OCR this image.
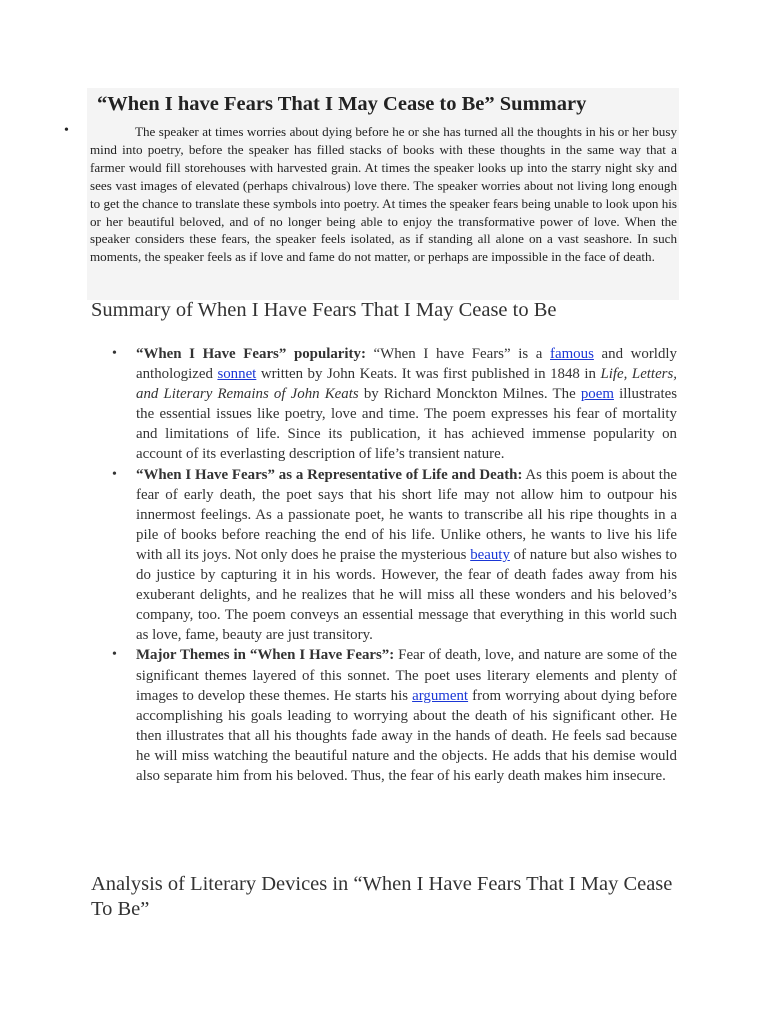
“When I have Fears That I May Cease to Be” Summary
•	The speaker at times worries about dying before he or she has turned all the thoughts in his or her busy mind into poetry, before the speaker has filled stacks of books with these thoughts in the same way that a farmer would fill storehouses with harvested grain. At times the speaker looks up into the starry night sky and sees vast images of elevated (perhaps chivalrous) love there. The speaker worries about not living long enough to get the chance to translate these symbols into poetry. At times the speaker fears being unable to look upon his or her beautiful beloved, and of no longer being able to enjoy the transformative power of love. When the speaker considers these fears, the speaker feels isolated, as if standing all alone on a vast seashore. In such moments, the speaker feels as if love and fame do not matter, or perhaps are impossible in the face of death.

Summary of When I Have Fears That I May Cease to Be
• “When I Have Fears” popularity: “When I have Fears” is a famous and worldly anthologized sonnet written by John Keats. It was first published in 1848 in Life, Letters, and Literary Remains of John Keats by Richard Monckton Milnes. The poem illustrates the essential issues like poetry, love and time. The poem expresses his fear of mortality and limitations of life. Since its publication, it has achieved immense popularity on account of its everlasting description of life’s transient nature.
• “When I Have Fears” as a Representative of Life and Death: As this poem is about the fear of early death, the poet says that his short life may not allow him to outpour his innermost feelings. As a passionate poet, he wants to transcribe all his ripe thoughts in a pile of books before reaching the end of his life. Unlike others, he wants to live his life with all its joys. Not only does he praise the mysterious beauty of nature but also wishes to do justice by capturing it in his words. However, the fear of death fades away from his exuberant delights, and he realizes that he will miss all these wonders and his beloved’s company, too. The poem conveys an essential message that everything in this world such as love, fame, beauty are just transitory.
• Major Themes in “When I Have Fears”: Fear of death, love, and nature are some of the significant themes layered of this sonnet. The poet uses literary elements and plenty of images to develop these themes. He starts his argument from worrying about dying before accomplishing his goals leading to worrying about the death of his significant other. He then illustrates that all his thoughts fade away in the hands of death. He feels sad because he will miss watching the beautiful nature and the objects. He adds that his demise would also separate him from his beloved. Thus, the fear of his early death makes him insecure.
Analysis of Literary Devices in “When I Have Fears That I May Cease To Be”
